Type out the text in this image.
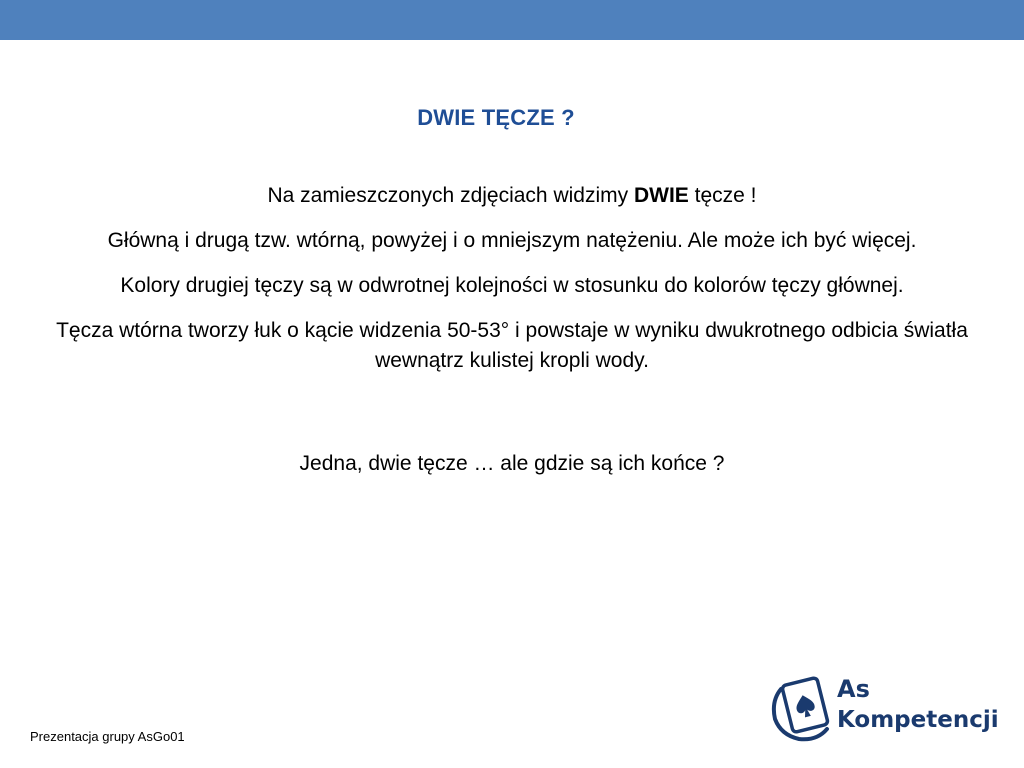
DWIE TĘCZE ?

Na zamieszczonych zdjęciach widzimy DWIE tęcze !

Główną i drugą tzw. wtórną, powyżej i o mniejszym natężeniu. Ale może ich być więcej.

Kolory drugiej tęczy są w odwrotnej kolejności w stosunku do kolorów tęczy głównej.

Tęcza wtórna tworzy łuk o kącie widzenia 50-53° i powstaje w wyniku dwukrotnego odbicia światła wewnątrz kulistej kropli wody.

Jedna, dwie tęcze … ale gdzie są ich końce ?

Prezentacja grupy AsGo01
As
Kompetencji
